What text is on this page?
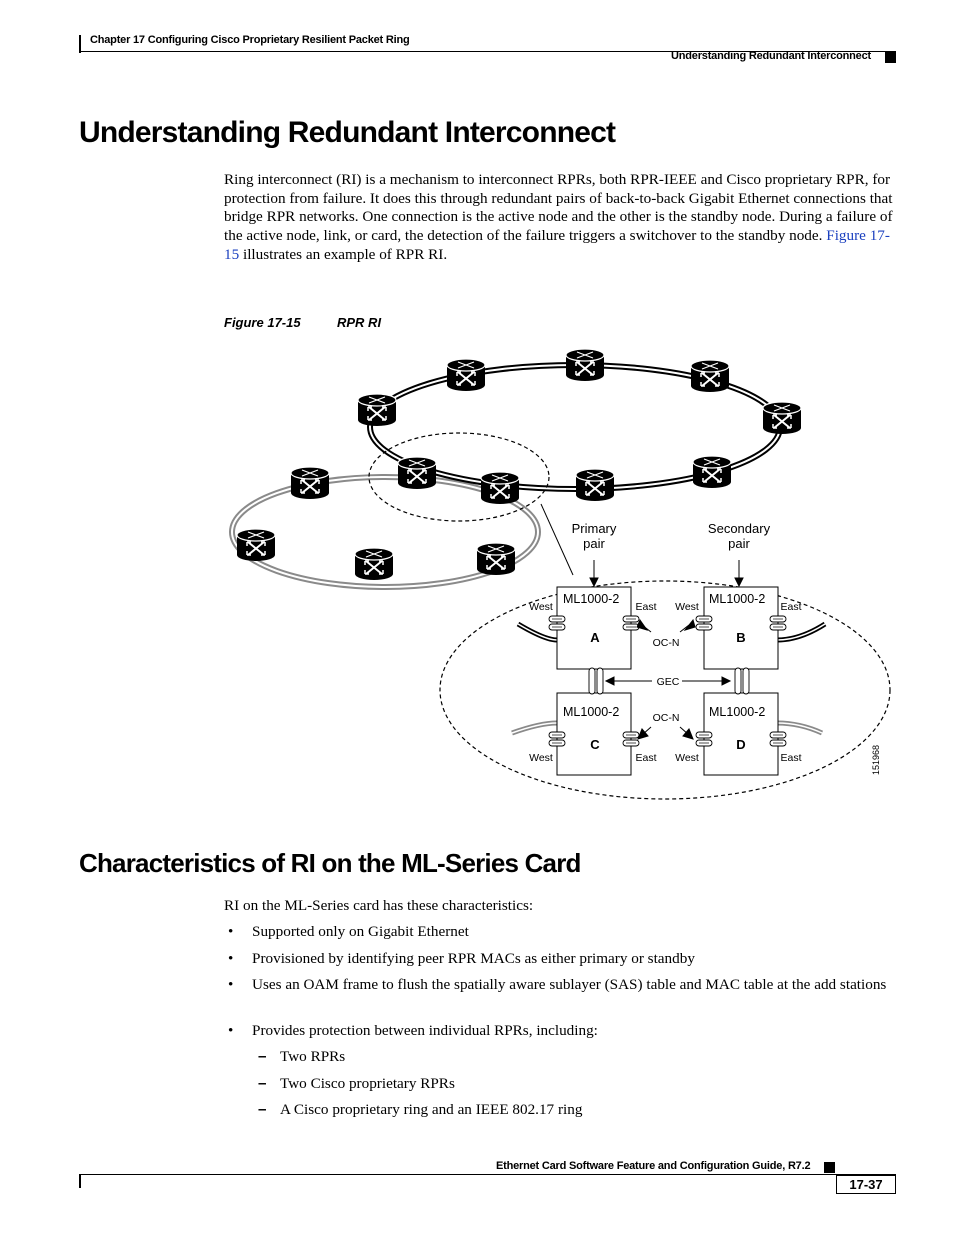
Chapter 17 Configuring Cisco Proprietary Resilient Packet Ring
Understanding Redundant Interconnect
Understanding Redundant Interconnect
Ring interconnect (RI) is a mechanism to interconnect RPRs, both RPR-IEEE and Cisco proprietary RPR, for protection from failure. It does this through redundant pairs of back-to-back Gigabit Ethernet connections that bridge RPR networks. One connection is the active node and the other is the standby node. During a failure of the active node, link, or card, the detection of the failure triggers a switchover to the standby node. Figure 17-15 illustrates an example of RPR RI.
Figure 17-15	RPR RI
Primary
pair
Secondary
pair
ML1000-2	ML1000-2
ML1000-2	ML1000-2
A	B
C	D
West	East West	East
West	East West	East
OC-N
OC-N
GEC
151968
Characteristics of RI on the ML-Series Card
RI on the ML-Series card has these characteristics:
• Supported only on Gigabit Ethernet
• Provisioned by identifying peer RPR MACs as either primary or standby
• Uses an OAM frame to flush the spatially aware sublayer (SAS) table and MAC table at the add stations
• Provides protection between individual RPRs, including:
– Two RPRs
– Two Cisco proprietary RPRs
– A Cisco proprietary ring and an IEEE 802.17 ring
Ethernet Card Software Feature and Configuration Guide, R7.2
17-37
